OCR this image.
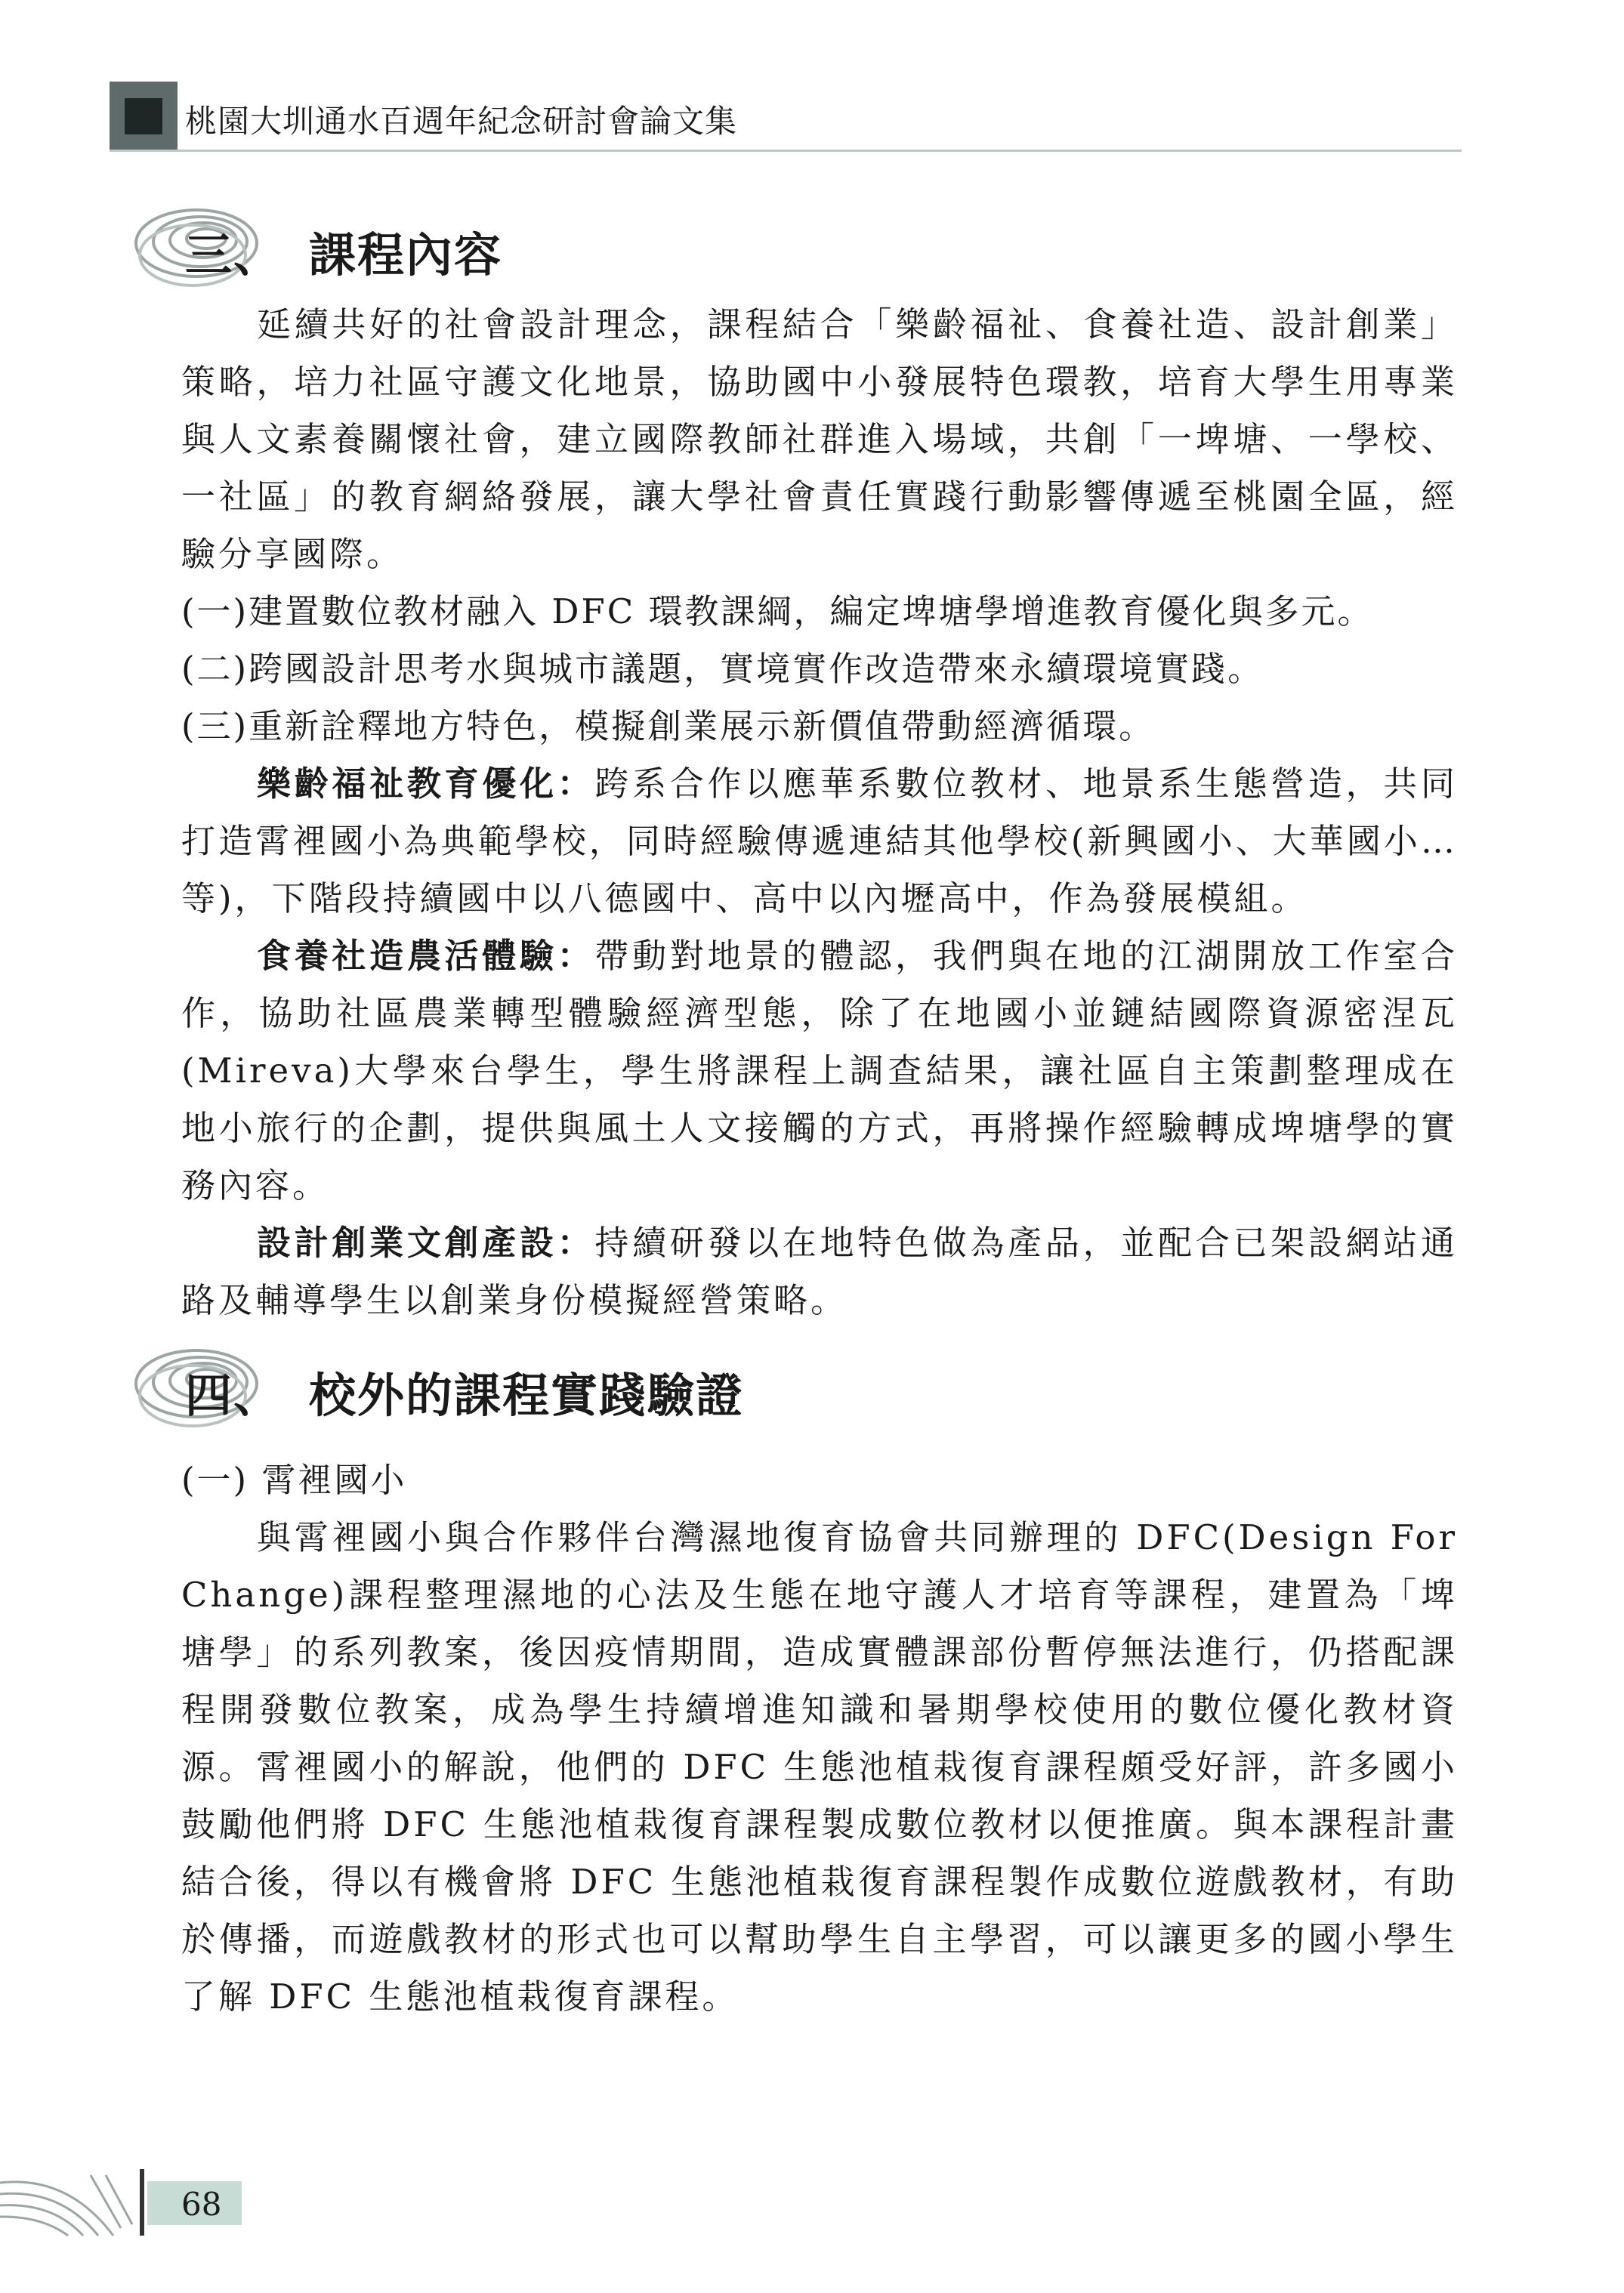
桃園大圳通水百週年紀念研討會論文集
三、 課程內容
延續共好的社會設計理念，課程結合「樂齡福祉、食養社造、設計創業」策略，培力社區守護文化地景，協助國中小發展特色環教，培育大學生用專業與人文素養關懷社會，建立國際教師社群進入場域，共創「一埤塘、一學校、一社區」的教育網絡發展，讓大學社會責任實踐行動影響傳遞至桃園全區，經驗分享國際。
(一)建置數位教材融入 DFC 環教課綱，編定埤塘學增進教育優化與多元。
(二)跨國設計思考水與城市議題，實境實作改造帶來永續環境實踐。
(三)重新詮釋地方特色，模擬創業展示新價值帶動經濟循環。
樂齡福祉教育優化：跨系合作以應華系數位教材、地景系生態營造，共同打造霄裡國小為典範學校，同時經驗傳遞連結其他學校(新興國小、大華國小…等)，下階段持續國中以八德國中、高中以內壢高中，作為發展模組。
食養社造農活體驗：帶動對地景的體認，我們與在地的江湖開放工作室合作，協助社區農業轉型體驗經濟型態，除了在地國小並鏈結國際資源密涅瓦(Mireva)大學來台學生，學生將課程上調查結果，讓社區自主策劃整理成在地小旅行的企劃，提供與風土人文接觸的方式，再將操作經驗轉成埤塘學的實務內容。
設計創業文創產設：持續研發以在地特色做為產品，並配合已架設網站通路及輔導學生以創業身份模擬經營策略。
四、 校外的課程實踐驗證
(一) 霄裡國小
與霄裡國小與合作夥伴台灣濕地復育協會共同辦理的 DFC(Design For Change)課程整理濕地的心法及生態在地守護人才培育等課程，建置為「埤塘學」的系列教案，後因疫情期間，造成實體課部份暫停無法進行，仍搭配課程開發數位教案，成為學生持續增進知識和暑期學校使用的數位優化教材資源。霄裡國小的解說，他們的 DFC 生態池植栽復育課程頗受好評，許多國小鼓勵他們將 DFC 生態池植栽復育課程製成數位教材以便推廣。與本課程計畫結合後，得以有機會將 DFC 生態池植栽復育課程製作成數位遊戲教材，有助於傳播，而遊戲教材的形式也可以幫助學生自主學習，可以讓更多的國小學生了解 DFC 生態池植栽復育課程。
68
